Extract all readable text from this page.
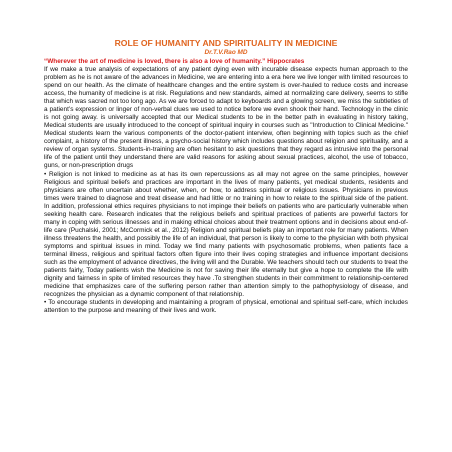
ROLE OF HUMANITY AND SPIRITUALITY IN MEDICINE
Dr.T.V.Rao MD
“Wherever the art of medicine is loved, there is also a love of humanity.” Hippocrates

If we make a true analysis of expectations of any patient dying even with incurable disease expects human approach to the problem as he is not aware of the advances in Medicine, we are entering into a era here we live longer with limited resources to spend on our health. As the climate of healthcare changes and the entire system is over-hauled to reduce costs and increase access, the humanity of medicine is at risk. Regulations and new standards, aimed at normalizing care delivery, seems to stifle that which was sacred not too long ago. As we are forced to adapt to keyboards and a glowing screen, we miss the subtleties of a patient’s expression or linger of non-verbal clues we used to notice before we even shook their hand. Technology in the clinic is not going away. is universally accepted that our Medical students to be in the better path in evaluating in history taking, Medical students are usually introduced to the concept of spiritual inquiry in courses such as "Introduction to Clinical Medicine." Medical students learn the various components of the doctor-patient interview, often beginning with topics such as the chief complaint, a history of the present illness, a psycho-social history which includes questions about religion and spirituality, and a review of organ systems. Students-in-training are often hesitant to ask questions that they regard as intrusive into the personal life of the patient until they understand there are valid reasons for asking about sexual practices, alcohol, the use of tobacco, guns, or non-prescription drugs

• Religion is not linked to medicine as at has its own repercussions as all may not agree on the same principles, however Religious and spiritual beliefs and practices are important in the lives of many patients, yet medical students, residents and physicians are often uncertain about whether, when, or how, to address spiritual or religious issues. Physicians in previous times were trained to diagnose and treat disease and had little or no training in how to relate to the spiritual side of the patient. In addition, professional ethics requires physicians to not impinge their beliefs on patients who are particularly vulnerable when seeking health care. Research indicates that the religious beliefs and spiritual practices of patients are powerful factors for many in coping with serious illnesses and in making ethical choices about their treatment options and in decisions about end-of-life care (Puchalski, 2001; McCormick et al., 2012) Religion and spiritual beliefs play an important role for many patients. When illness threatens the health, and possibly the life of an individual, that person is likely to come to the physician with both physical symptoms and spiritual issues in mind. Today we find many patients with psychosomatic problems, when patients face a terminal illness, religious and spiritual factors often figure into their lives coping strategies and influence important decisions such as the employment of advance directives, the living will and the Durable. We teachers should tech our students to treat the patients fairly, Today patients wish the Medicine is not for saving their life eternally but give a hope to complete the life with dignity and fairness in spite of limited resources they have .To strengthen students in their commitment to relationship-centered medicine that emphasizes care of the suffering person rather than attention simply to the pathophysiology of disease, and recognizes the physician as a dynamic component of that relationship.

• To encourage students in developing and maintaining a program of physical, emotional and spiritual self-care, which includes attention to the purpose and meaning of their lives and work.
